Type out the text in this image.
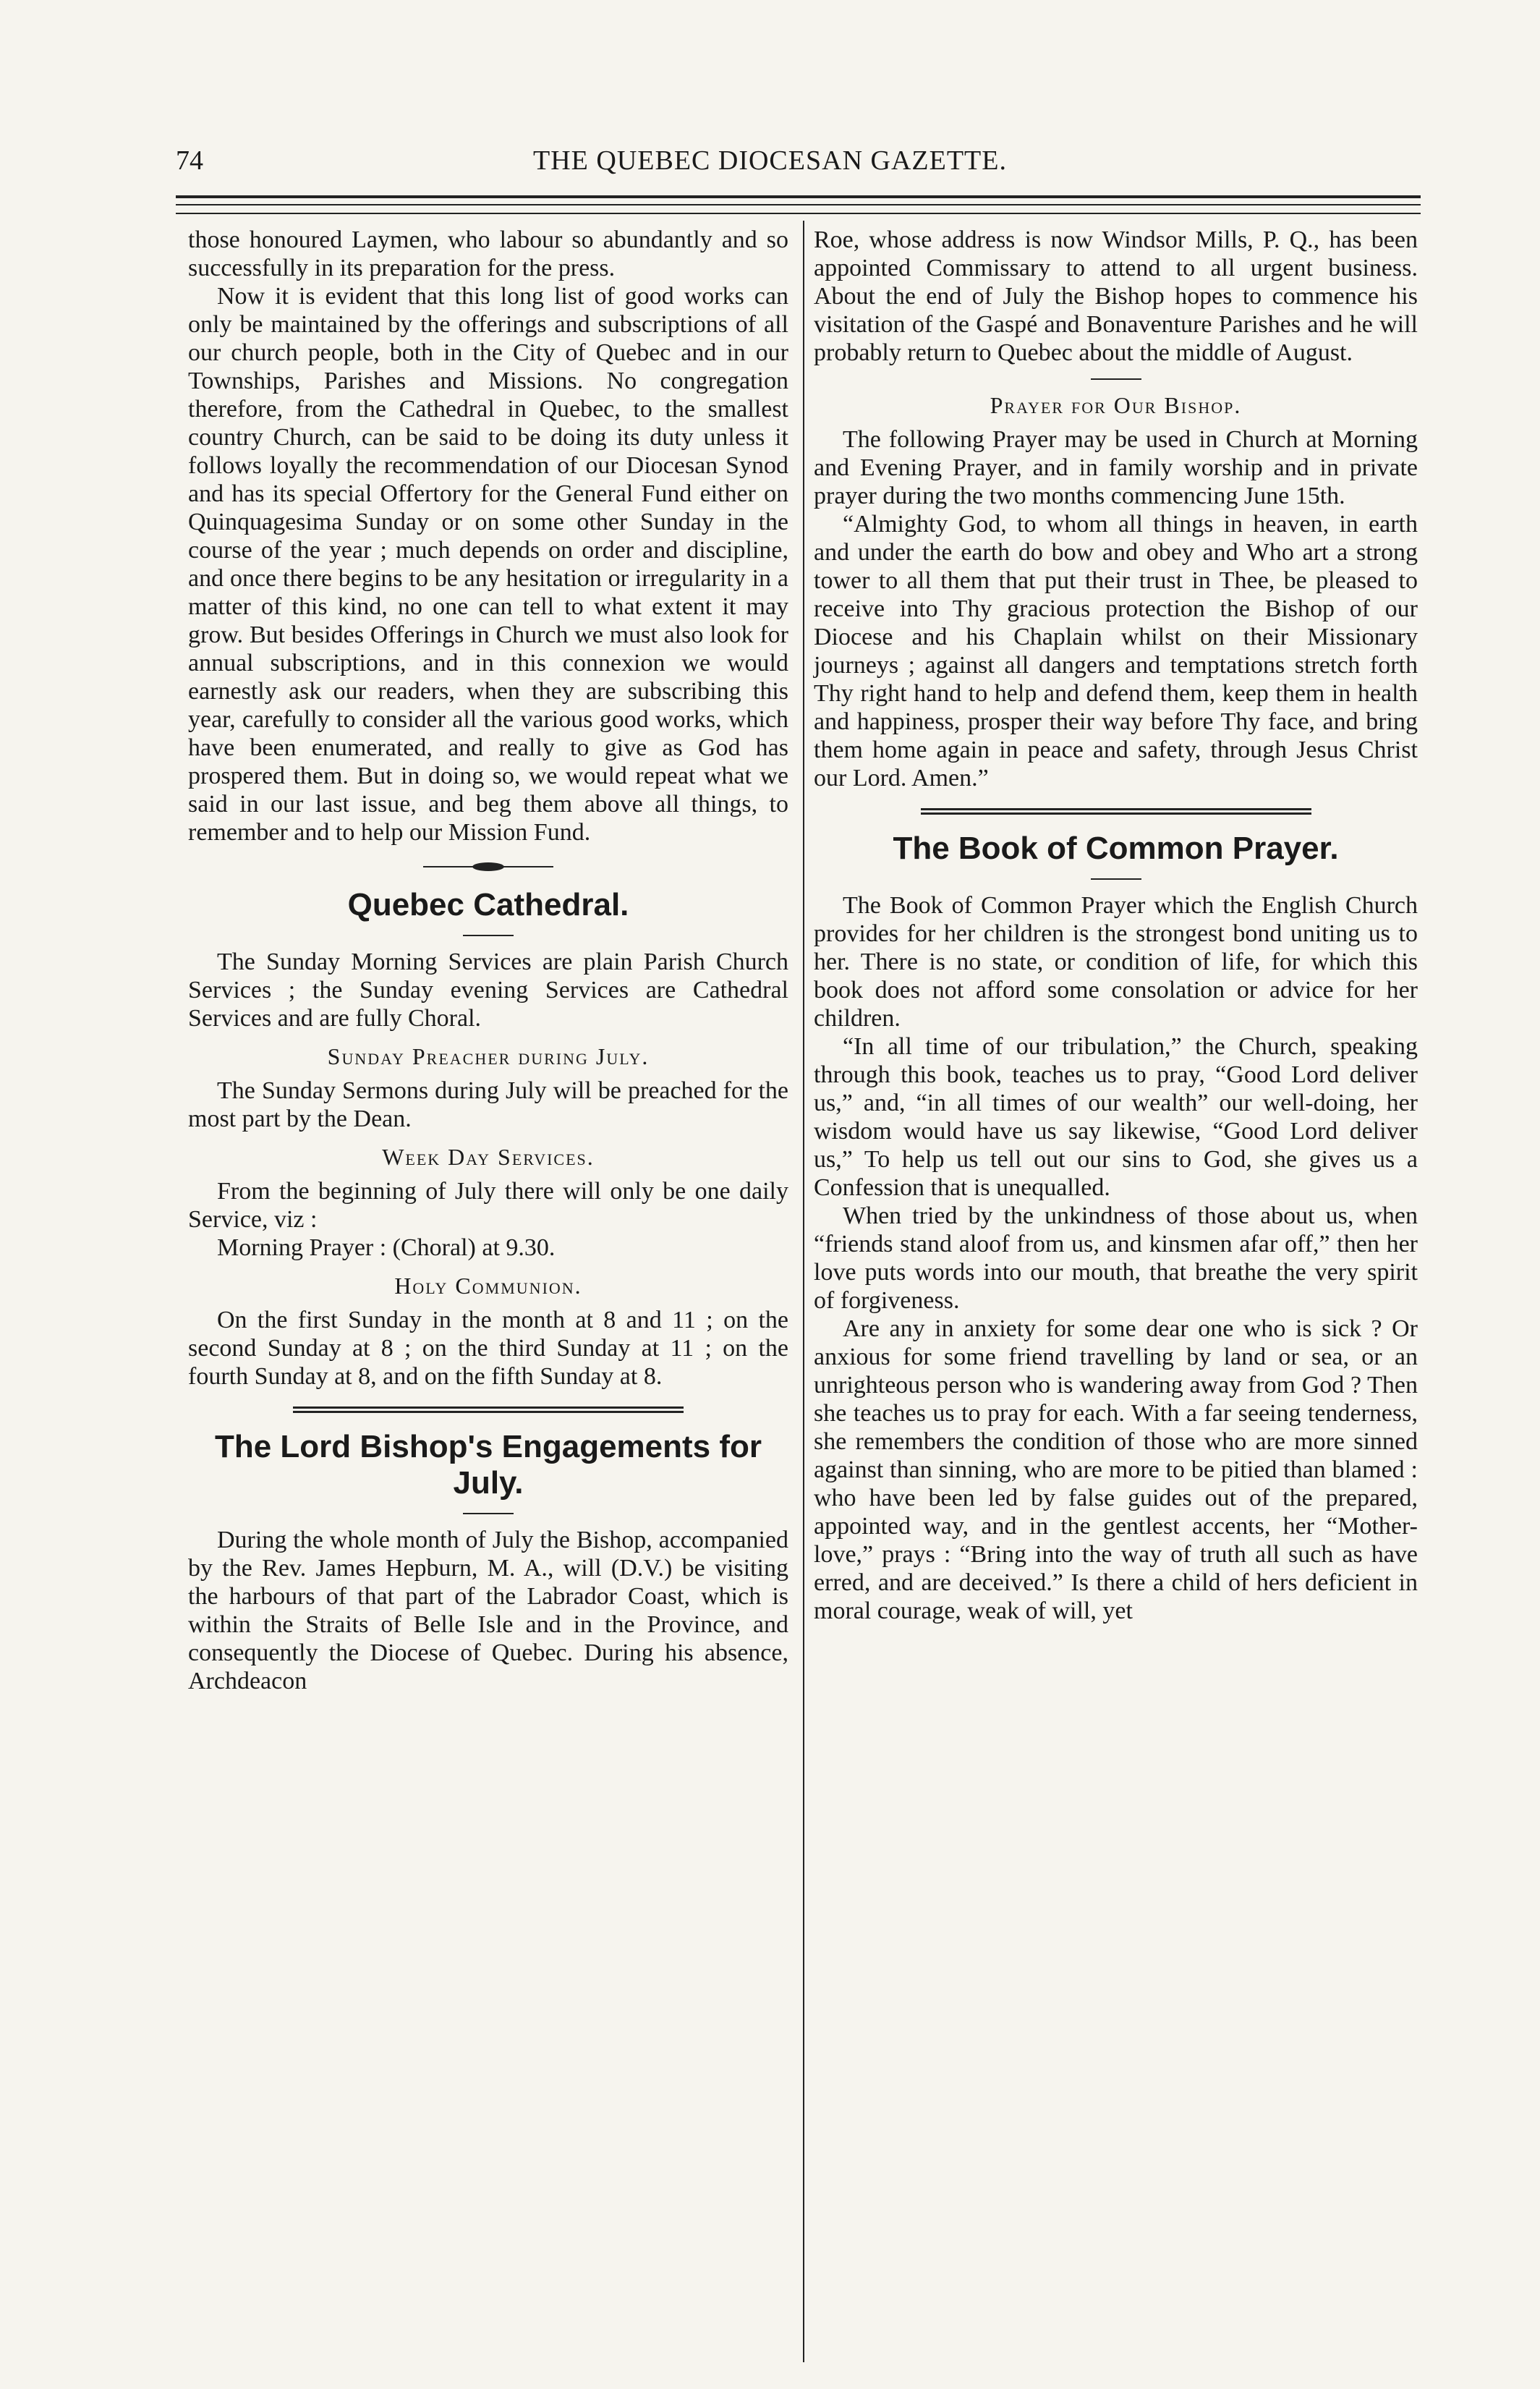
74	THE QUEBEC DIOCESAN GAZETTE.

those honoured Laymen, who labour so abundantly and so successfully in its preparation for the press.

Now it is evident that this long list of good works can only be maintained by the offerings and subscriptions of all our church people, both in the City of Quebec and in our Townships, Parishes and Missions. No congregation therefore, from the Cathedral in Quebec, to the smallest country Church, can be said to be doing its duty unless it follows loyally the recommendation of our Diocesan Synod and has its special Offertory for the General Fund either on Quinquagesima Sunday or on some other Sunday in the course of the year ; much depends on order and discipline, and once there begins to be any hesitation or irregularity in a matter of this kind, no one can tell to what extent it may grow. But besides Offerings in Church we must also look for annual subscriptions, and in this connexion we would earnestly ask our readers, when they are subscribing this year, carefully to consider all the various good works, which have been enumerated, and really to give as God has prospered them. But in doing so, we would repeat what we said in our last issue, and beg them above all things, to remember and to help our Mission Fund.

Quebec Cathedral.

The Sunday Morning Services are plain Parish Church Services ; the Sunday evening Services are Cathedral Services and are fully Choral.

Sunday Preacher during July.

The Sunday Sermons during July will be preached for the most part by the Dean.

Week Day Services.

From the beginning of July there will only be one daily Service, viz :

Morning Prayer : (Choral) at 9.30.

Holy Communion.

On the first Sunday in the month at 8 and 11 ; on the second Sunday at 8 ; on the third Sunday at 11 ; on the fourth Sunday at 8, and on the fifth Sunday at 8.

The Lord Bishop's Engagements for July.

During the whole month of July the Bishop, accompanied by the Rev. James Hepburn, M. A., will (D.V.) be visiting the harbours of that part of the Labrador Coast, which is within the Straits of Belle Isle and in the Province, and consequently the Diocese of Quebec. During his absence, Archdeacon

Roe, whose address is now Windsor Mills, P. Q., has been appointed Commissary to attend to all urgent business. About the end of July the Bishop hopes to commence his visitation of the Gaspé and Bonaventure Parishes and he will probably return to Quebec about the middle of August.

Prayer for Our Bishop.

The following Prayer may be used in Church at Morning and Evening Prayer, and in family worship and in private prayer during the two months commencing June 15th.

“Almighty God, to whom all things in heaven, in earth and under the earth do bow and obey and Who art a strong tower to all them that put their trust in Thee, be pleased to receive into Thy gracious protection the Bishop of our Diocese and his Chaplain whilst on their Missionary journeys ; against all dangers and temptations stretch forth Thy right hand to help and defend them, keep them in health and happiness, prosper their way before Thy face, and bring them home again in peace and safety, through Jesus Christ our Lord. Amen.”

The Book of Common Prayer.

The Book of Common Prayer which the English Church provides for her children is the strongest bond uniting us to her. There is no state, or condition of life, for which this book does not afford some consolation or advice for her children.

“In all time of our tribulation,” the Church, speaking through this book, teaches us to pray, “Good Lord deliver us,” and, “in all times of our wealth” our well-doing, her wisdom would have us say likewise, “Good Lord deliver us,” To help us tell out our sins to God, she gives us a Confession that is unequalled.

When tried by the unkindness of those about us, when “friends stand aloof from us, and kinsmen afar off,” then her love puts words into our mouth, that breathe the very spirit of forgiveness.

Are any in anxiety for some dear one who is sick ? Or anxious for some friend travelling by land or sea, or an unrighteous person who is wandering away from God ? Then she teaches us to pray for each. With a far seeing tenderness, she remembers the condition of those who are more sinned against than sinning, who are more to be pitied than blamed : who have been led by false guides out of the prepared, appointed way, and in the gentlest accents, her “Mother-love,” prays : “Bring into the way of truth all such as have erred, and are deceived.” Is there a child of hers deficient in moral courage, weak of will, yet
